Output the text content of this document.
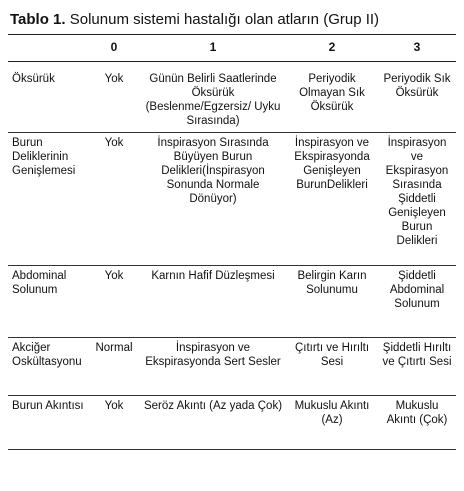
Tablo 1. Solunum sistemi hastalığı olan atların (Grup II)
	0	1	2	3
Öksürük	Yok	Günün Belirli Saatlerinde Öksürük (Beslenme/Egzersiz/ Uyku Sırasında)	Periyodik Olmayan Sık Öksürük	Periyodik Sık Öksürük
Burun Deliklerinin Genişlemesi	Yok	İnspirasyon Sırasında Büyüyen Burun Delikleri(İnspirasyon Sonunda Normale Dönüyor)	İnspirasyon ve Ekspirasyonda Genişleyen BurunDelikleri	İnspirasyon ve Ekspirasyon Sırasında Şiddetli Genişleyen Burun Delikleri
Abdominal Solunum	Yok	Karnın Hafif Düzleşmesi	Belirgin Karın Solunumu	Şiddetli Abdominal Solunum
Akciğer Oskültasyonu	Normal	İnspirasyon ve Ekspirasyonda Sert Sesler	Çıtırtı ve Hırıltı Sesi	Şiddetli Hırıltı ve Çıtırtı Sesi
Burun Akıntısı	Yok	Seröz Akıntı (Az yada Çok)	Mukuslu Akıntı (Az)	Mukuslu Akıntı (Çok)
